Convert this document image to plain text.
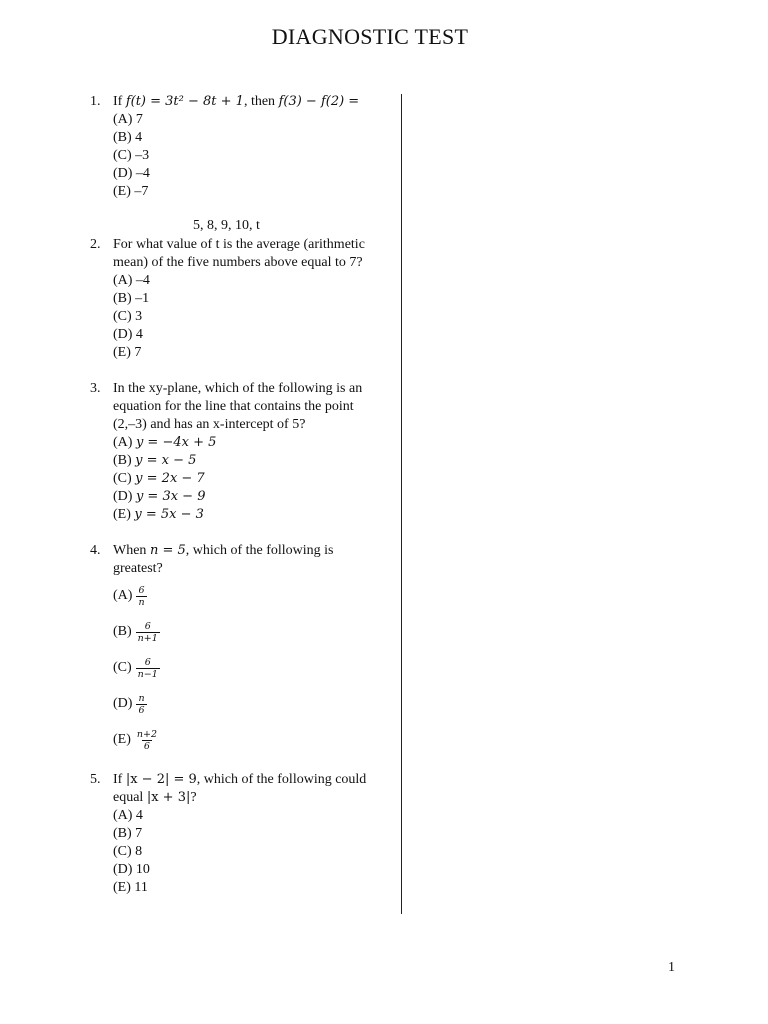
DIAGNOSTIC TEST
1. If f(t) = 3t² − 8t + 1, then f(3) − f(2) =
(A) 7
(B) 4
(C) –3
(D) –4
(E) –7
5, 8, 9, 10, t
2. For what value of t is the average (arithmetic
mean) of the five numbers above equal to 7?
(A) –4
(B) –1
(C) 3
(D) 4
(E) 7
3. In the xy-plane, which of the following is an
equation for the line that contains the point
(2,–3) and has an x-intercept of 5?
(A) y = −4x + 5
(B) y = x − 5
(C) y = 2x − 7
(D) y = 3x − 9
(E) y = 5x − 3
4. When n = 5, which of the following is
greatest?
$(A) \frac{6}{n}$
$(B) \frac{6}{n+1}$
$(C) \frac{6}{n-1}$
$(D) \frac{n}{6}$
$(E) \frac{n+2}{6}$
5. If |x − 2| = 9, which of the following could
equal |x + 3|?
(A) 4
(B) 7
(C) 8
(D) 10
(E) 11
1
